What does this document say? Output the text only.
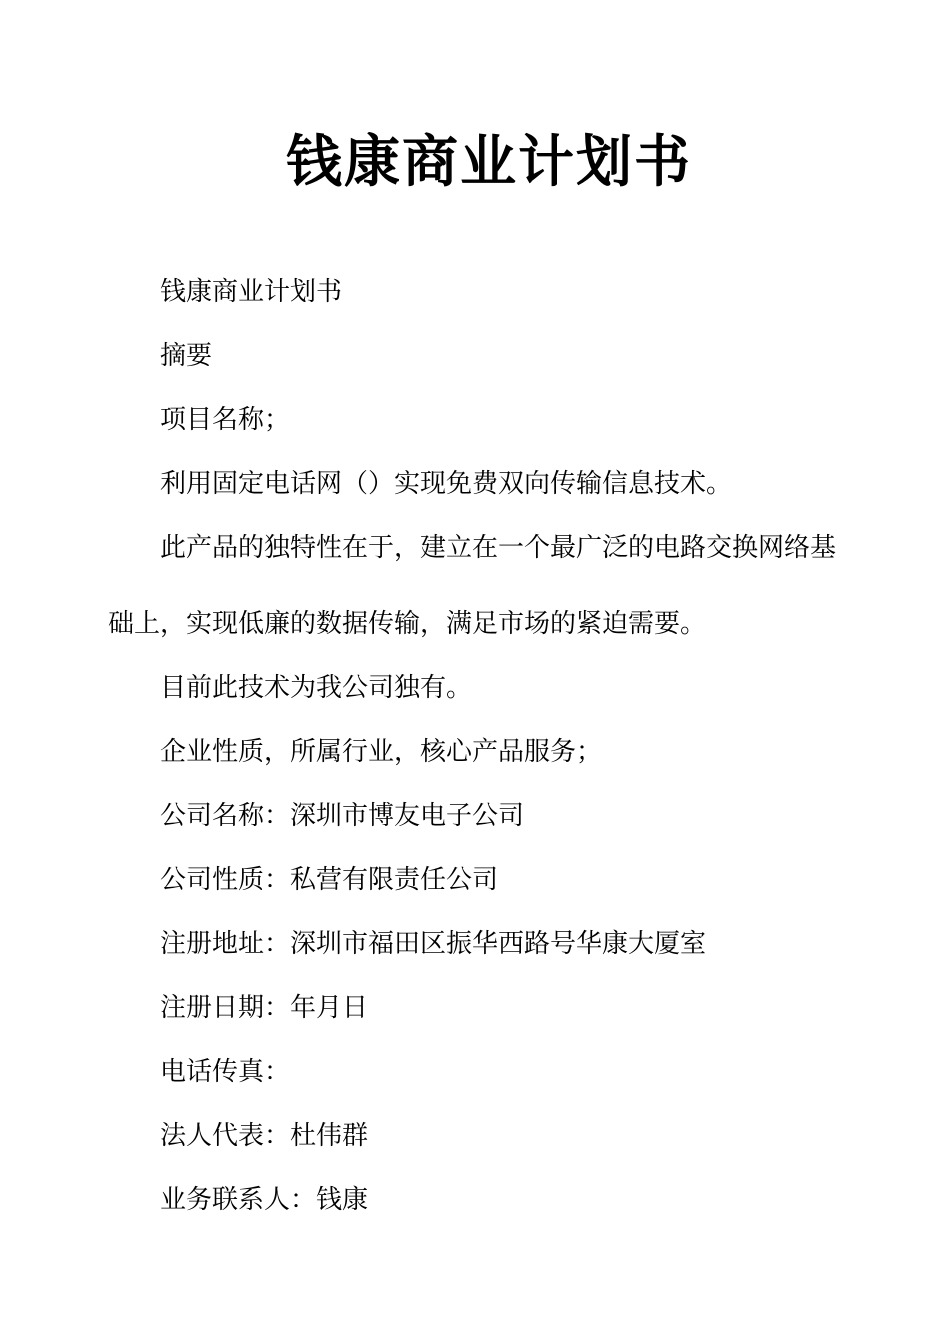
钱康商业计划书

钱康商业计划书

摘要

项目名称；

利用固定电话网（）实现免费双向传输信息技术。

此产品的独特性在于，建立在一个最广泛的电路交换网络基

础上，实现低廉的数据传输，满足市场的紧迫需要。

目前此技术为我公司独有。

企业性质，所属行业，核心产品服务；

公司名称：深圳市博友电子公司

公司性质：私营有限责任公司

注册地址：深圳市福田区振华西路号华康大厦室

注册日期：年月日

电话传真：

法人代表：杜伟群

业务联系人：钱康
